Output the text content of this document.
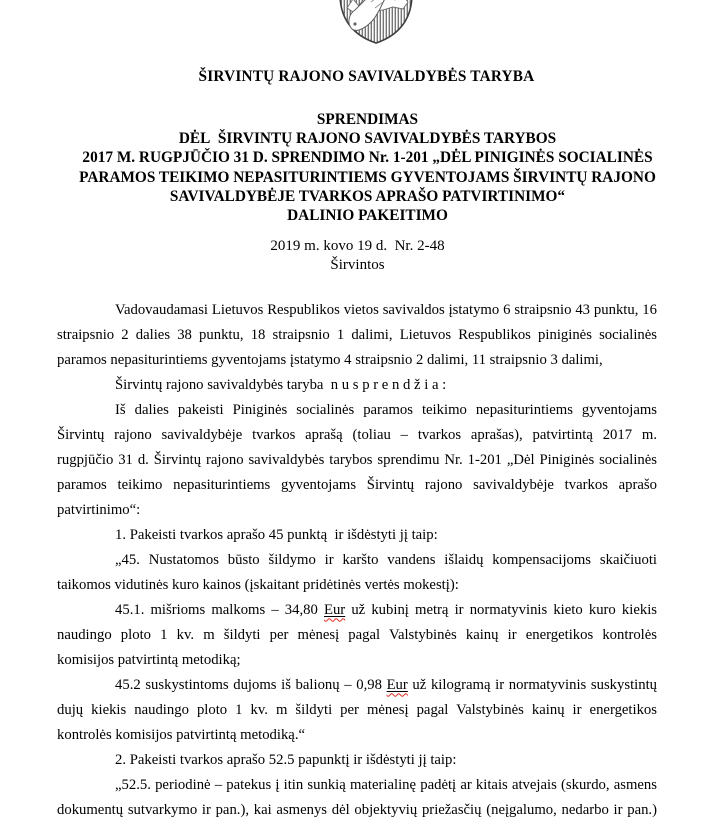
ŠIRVINTŲ RAJONO SAVIVALDYBĖS TARYBA
SPRENDIMAS
DĖL  ŠIRVINTŲ RAJONO SAVIVALDYBĖS TARYBOS
2017 M. RUGPJŪČIO 31 D. SPRENDIMO Nr. 1-201 „DĖL PINIGINĖS SOCIALINĖS
PARAMOS TEIKIMO NEPASITURINTIEMS GYVENTOJAMS ŠIRVINTŲ RAJONO
SAVIVALDYBĖJE TVARKOS APRAŠO PATVIRTINIMO“
DALINIO PAKEITIMO
2019 m. kovo 19 d.  Nr. 2-48
Širvintos
Vadovaudamasi Lietuvos Respublikos vietos savivaldos įstatymo 6 straipsnio 43 punktu, 16
straipsnio 2 dalies 38 punktu, 18 straipsnio 1 dalimi, Lietuvos Respublikos piniginės socialinės
paramos nepasiturintiems gyventojams įstatymo 4 straipsnio 2 dalimi, 11 straipsnio 3 dalimi,
Širvintų rajono savivaldybės taryba  n u s p r e n d ž i a :
Iš dalies pakeisti Piniginės socialinės paramos teikimo nepasiturintiems gyventojams
Širvintų rajono savivaldybėje tvarkos aprašą (toliau – tvarkos aprašas), patvirtintą 2017 m.
rugpjūčio 31 d. Širvintų rajono savivaldybės tarybos sprendimu Nr. 1-201 „Dėl Piniginės socialinės
paramos teikimo nepasiturintiems gyventojams Širvintų rajono savivaldybėje tvarkos aprašo
patvirtinimo“:
1. Pakeisti tvarkos aprašo 45 punktą  ir išdėstyti jį taip:
„45. Nustatomos būsto šildymo ir karšto vandens išlaidų kompensacijoms skaičiuoti
taikomos vidutinės kuro kainos (įskaitant pridėtinės vertės mokestį):
45.1. mišrioms malkoms – 34,80 Eur už kubinį metrą ir normatyvinis kieto kuro kiekis
naudingo ploto 1 kv. m šildyti per mėnesį pagal Valstybinės kainų ir energetikos kontrolės
komisijos patvirtintą metodiką;
45.2 suskystintoms dujoms iš balionų – 0,98 Eur už kilogramą ir normatyvinis suskystintų
dujų kiekis naudingo ploto 1 kv. m šildyti per mėnesį pagal Valstybinės kainų ir energetikos
kontrolės komisijos patvirtintą metodiką.“
2. Pakeisti tvarkos aprašo 52.5 papunktį ir išdėstyti jį taip:
„52.5. periodinė – patekus į itin sunkią materialinę padėtį ar kitais atvejais (skurdo, asmens
dokumentų sutvarkymo ir pan.), kai asmenys dėl objektyvių priežasčių (neįgalumo, nedarbo ir pan.)
